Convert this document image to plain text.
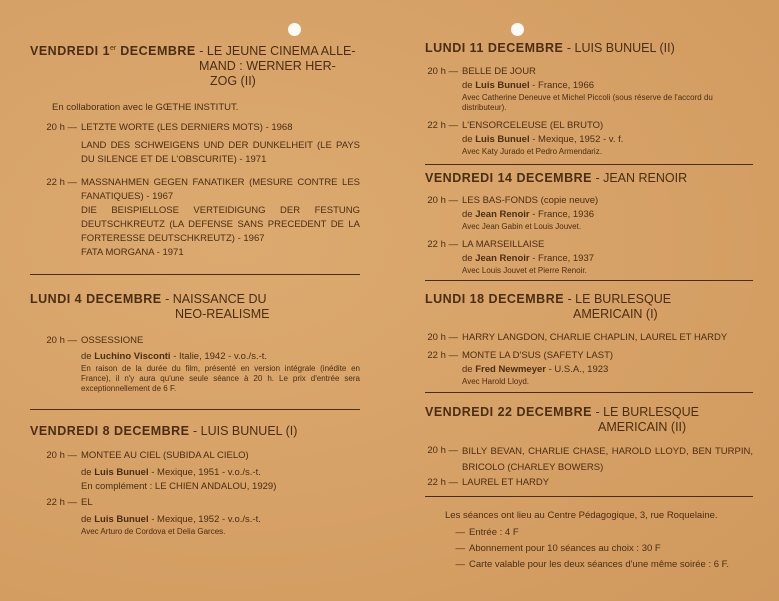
VENDREDI 1er DECEMBRE - LE JEUNE CINEMA ALLE-
MAND : WERNER HER-
ZOG (II)
En collaboration avec le GŒTHE INSTITUT.
20 h — LETZTE WORTE (LES DERNIERS MOTS) - 1968
LAND DES SCHWEIGENS UND DER DUNKELHEIT (LE PAYS DU SILENCE ET DE L'OBSCURITE) - 1971
22 h — MASSNAHMEN GEGEN FANATIKER (MESURE CONTRE LES FANATIQUES) - 1967
DIE BEISPIELLOSE VERTEIDIGUNG DER FESTUNG DEUTSCHKREUTZ (LA DEFENSE SANS PRECEDENT DE LA FORTERESSE DEUTSCHKREUTZ) - 1967
FATA MORGANA - 1971
LUNDI 4 DECEMBRE - NAISSANCE DU
NEO-REALISME
20 h — OSSESSIONE
de Luchino Visconti - Italie, 1942 - v.o./s.-t.
En raison de la durée du film, présenté en version intégrale (inédite en France), il n'y aura qu'une seule séance à 20 h. Le prix d'entrée sera exceptionnellement de 6 F.
VENDREDI 8 DECEMBRE - LUIS BUNUEL (I)
20 h — MONTEE AU CIEL (SUBIDA AL CIELO)
de Luis Bunuel - Mexique, 1951 - v.o./s.-t.
En complément : LE CHIEN ANDALOU, 1929)
22 h — EL
de Luis Bunuel - Mexique, 1952 - v.o./s.-t.
Avec Arturo de Cordova et Delia Garces.
LUNDI 11 DECEMBRE - LUIS BUNUEL (II)
20 h — BELLE DE JOUR
de Luis Bunuel - France, 1966
Avec Catherine Deneuve et Michel Piccoli (sous réserve de l'accord du distributeur).
22 h — L'ENSORCELEUSE (EL BRUTO)
de Luis Bunuel - Mexique, 1952 - v. f.
Avec Katy Jurado et Pedro Armendariz.
VENDREDI 14 DECEMBRE - JEAN RENOIR
20 h — LES BAS-FONDS (copie neuve)
de Jean Renoir - France, 1936
Avec Jean Gabin et Louis Jouvet.
22 h — LA MARSEILLAISE
de Jean Renoir - France, 1937
Avec Louis Jouvet et Pierre Renoir.
LUNDI 18 DECEMBRE - LE BURLESQUE
AMERICAIN (I)
20 h — HARRY LANGDON, CHARLIE CHAPLIN, LAUREL ET HARDY
22 h — MONTE LA D'SUS (SAFETY LAST)
de Fred Newmeyer - U.S.A., 1923
Avec Harold Lloyd.
VENDREDI 22 DECEMBRE - LE BURLESQUE
AMERICAIN (II)
20 h — BILLY BEVAN, CHARLIE CHASE, HAROLD LLOYD, BEN TURPIN, BRICOLO (CHARLEY BOWERS)
22 h — LAUREL ET HARDY
Les séances ont lieu au Centre Pédagogique, 3, rue Roquelaine.
— Entrée : 4 F
— Abonnement pour 10 séances au choix : 30 F
— Carte valable pour les deux séances d'une même soirée : 6 F.
